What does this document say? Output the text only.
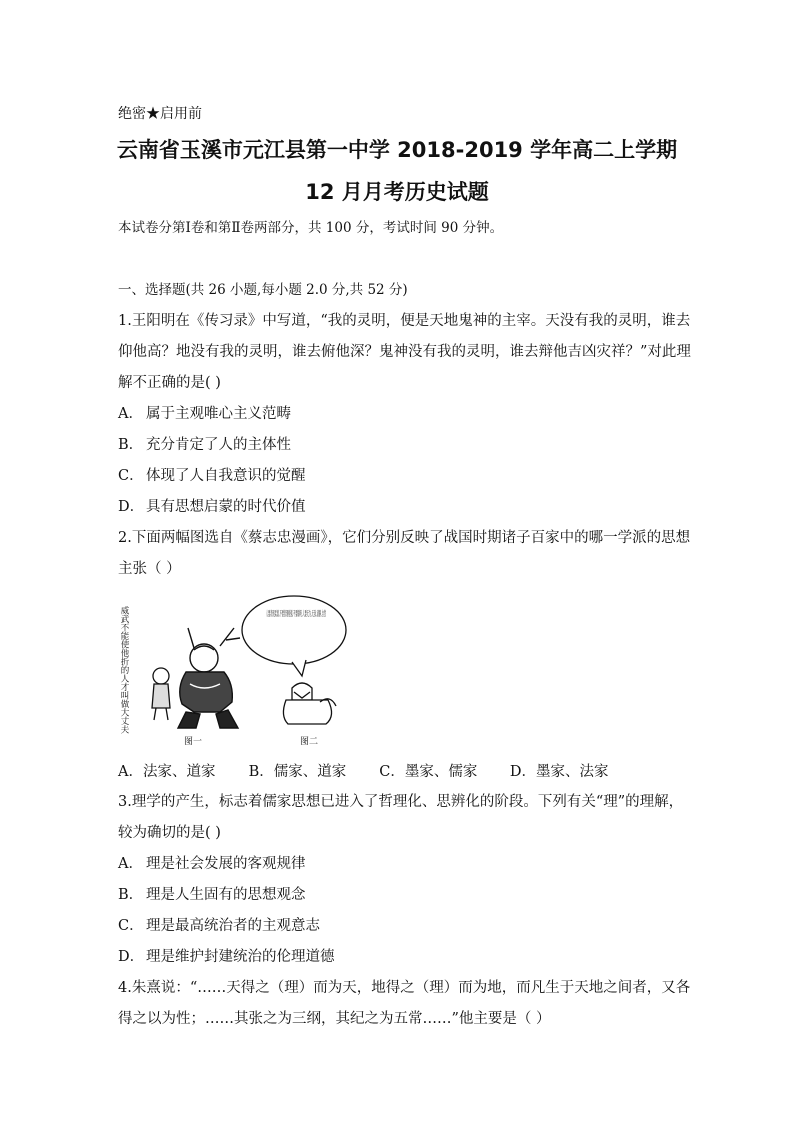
绝密★启用前
云南省玉溪市元江县第一中学 2018-2019 学年高二上学期
12 月月考历史试题
本试卷分第Ⅰ卷和第Ⅱ卷两部分，共 100 分，考试时间 90 分钟。
一、选择题(共 26 小题,每小题 2.0 分,共 52 分)
1.王阳明在《传习录》中写道，“我的灵明，便是天地鬼神的主宰。天没有我的灵明，谁去
仰他高？地没有我的灵明，谁去俯他深？鬼神没有我的灵明，谁去辩他吉凶灾祥？”对此理
解不正确的是( )
A． 属于主观唯心主义范畴
B． 充分肯定了人的主体性
C． 体现了人自我意识的觉醒
D． 具有思想启蒙的时代价值
2.下面两幅图选自《蔡志忠漫画》，它们分别反映了战国时期诸子百家中的哪一学派的思想
主张（ ）
威武不能使他折的人才叫做大丈夫	人要表现柔弱,不要表现刚强,不要聪明,人要无为,无我,清静,自然
图一	图二
A．法家、道家 B．儒家、道家 C．墨家、儒家 D．墨家、法家
3.理学的产生，标志着儒家思想已进入了哲理化、思辨化的阶段。下列有关“理”的理解，
较为确切的是( )
A． 理是社会发展的客观规律
B． 理是人生固有的思想观念
C． 理是最高统治者的主观意志
D． 理是维护封建统治的伦理道德
4.朱熹说：“……天得之（理）而为天，地得之（理）而为地，而凡生于天地之间者，又各
得之以为性；……其张之为三纲，其纪之为五常……”他主要是（ ）
